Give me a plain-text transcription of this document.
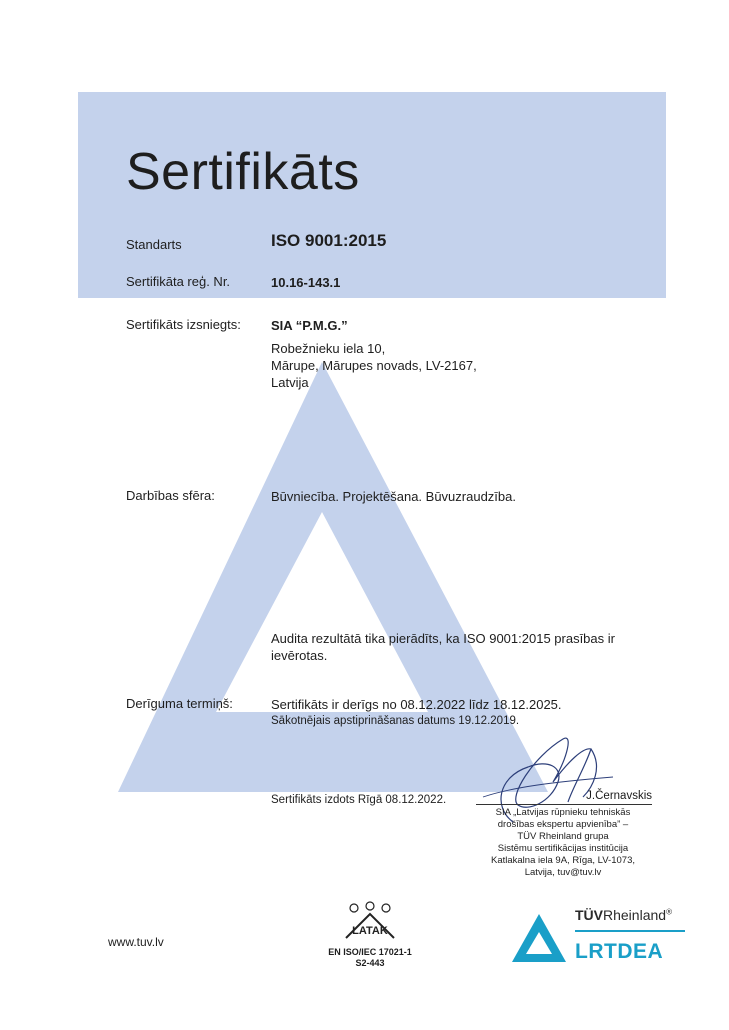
Sertifikāts
Standarts	ISO 9001:2015
Sertifikāta reģ. Nr.	10.16-143.1
Sertifikāts izsniegts: SIA “P.M.G.”
Robežnieku iela 10,
Mārupe, Mārupes novads, LV-2167,
Latvija
Darbības sfēra:	Būvniecība. Projektēšana. Būvuzraudzība.
Audita rezultātā tika pierādīts, ka ISO 9001:2015 prasības ir
ievērotas.
Derīguma termiņš:	Sertifikāts ir derīgs no 08.12.2022 līdz 18.12.2025.
Sākotnējais apstiprināšanas datums 19.12.2019.
Sertifikāts izdots Rīgā 08.12.2022.	J.Černavskis
SIA „Latvijas rūpnieku tehniskās
drošības ekspertu apvienība” –
TÜV Rheinland grupa
Sistēmu sertifikācijas institūcija
Katlakalna iela 9A, Rīga, LV-1073,
Latvija, tuv@tuv.lv
www.tuv.lv
LATAK
EN ISO/IEC 17021-1
S2-443
TÜVRheinland®
LRTDEA
